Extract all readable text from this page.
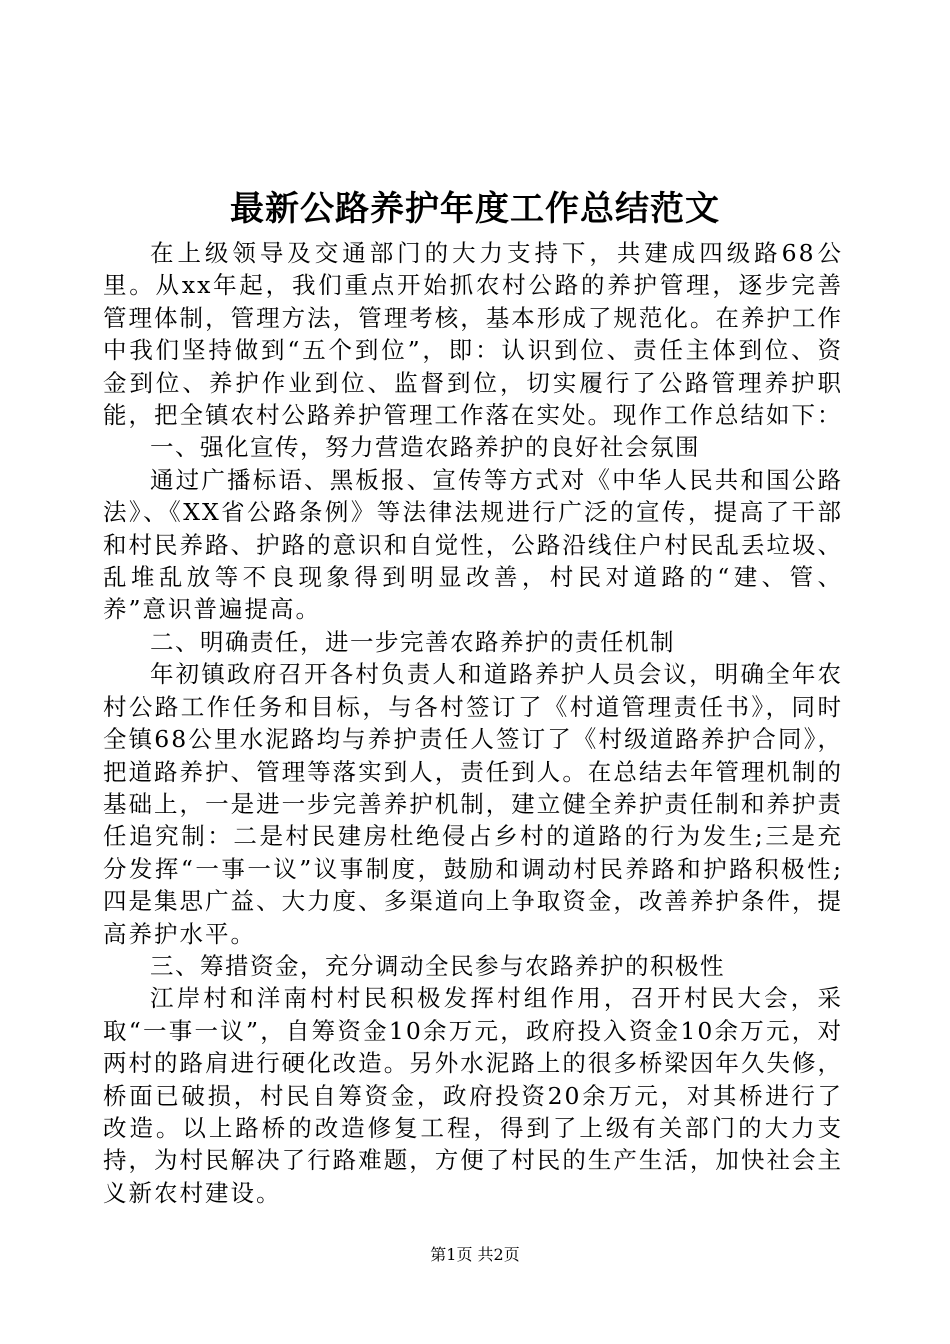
最新公路养护年度工作总结范文

在上级领导及交通部门的大力支持下，共建成四级路68公里。从xx年起，我们重点开始抓农村公路的养护管理，逐步完善管理体制，管理方法，管理考核，基本形成了规范化。在养护工作中我们坚持做到“五个到位”，即：认识到位、责任主体到位、资金到位、养护作业到位、监督到位，切实履行了公路管理养护职能，把全镇农村公路养护管理工作落在实处。现作工作总结如下：

一、强化宣传，努力营造农路养护的良好社会氛围

通过广播标语、黑板报、宣传等方式对《中华人民共和国公路法》、《XX省公路条例》等法律法规进行广泛的宣传，提高了干部和村民养路、护路的意识和自觉性，公路沿线住户村民乱丢垃圾、乱堆乱放等不良现象得到明显改善，村民对道路的“建、管、养”意识普遍提高。

二、明确责任，进一步完善农路养护的责任机制

年初镇政府召开各村负责人和道路养护人员会议，明确全年农村公路工作任务和目标，与各村签订了《村道管理责任书》，同时全镇68公里水泥路均与养护责任人签订了《村级道路养护合同》，把道路养护、管理等落实到人，责任到人。在总结去年管理机制的基础上，一是进一步完善养护机制，建立健全养护责任制和养护责任追究制：二是村民建房杜绝侵占乡村的道路的行为发生;三是充分发挥“一事一议”议事制度，鼓励和调动村民养路和护路积极性;四是集思广益、大力度、多渠道向上争取资金，改善养护条件，提高养护水平。

三、筹措资金，充分调动全民参与农路养护的积极性

江岸村和洋南村村民积极发挥村组作用，召开村民大会，采取“一事一议”，自筹资金10余万元，政府投入资金10余万元，对两村的路肩进行硬化改造。另外水泥路上的很多桥梁因年久失修，桥面已破损，村民自筹资金，政府投资20余万元，对其桥进行了改造。以上路桥的改造修复工程，得到了上级有关部门的大力支持，为村民解决了行路难题，方便了村民的生产生活，加快社会主义新农村建设。

第1页 共2页
